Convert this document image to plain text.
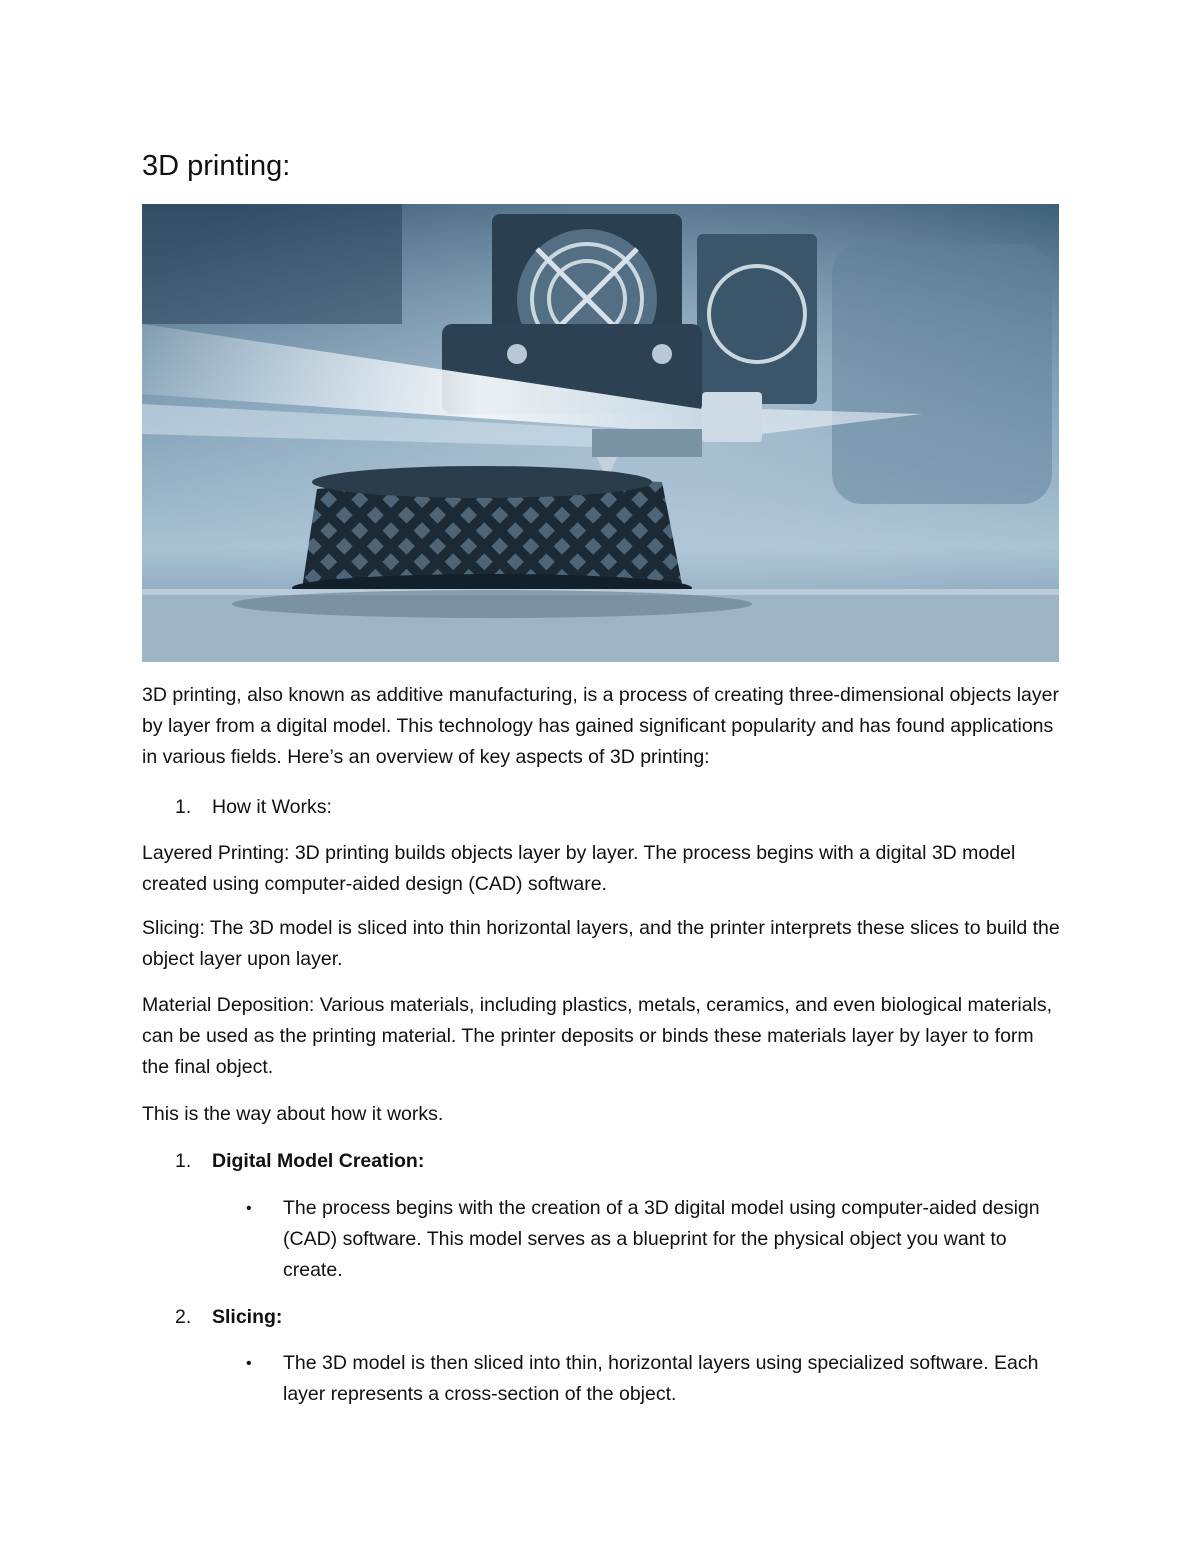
3D printing:

3D printing, also known as additive manufacturing, is a process of creating three-dimensional objects layer by layer from a digital model. This technology has gained significant popularity and has found applications in various fields. Here’s an overview of key aspects of 3D printing:

1.	How it Works:

Layered Printing: 3D printing builds objects layer by layer. The process begins with a digital 3D model created using computer-aided design (CAD) software.

Slicing: The 3D model is sliced into thin horizontal layers, and the printer interprets these slices to build the object layer upon layer.

Material Deposition: Various materials, including plastics, metals, ceramics, and even biological materials, can be used as the printing material. The printer deposits or binds these materials layer by layer to form the final object.

This is the way about how it works.

1.	Digital Model Creation:
•	The process begins with the creation of a 3D digital model using computer-aided design (CAD) software. This model serves as a blueprint for the physical object you want to create.
2.	Slicing:
•	The 3D model is then sliced into thin, horizontal layers using specialized software. Each layer represents a cross-section of the object.
